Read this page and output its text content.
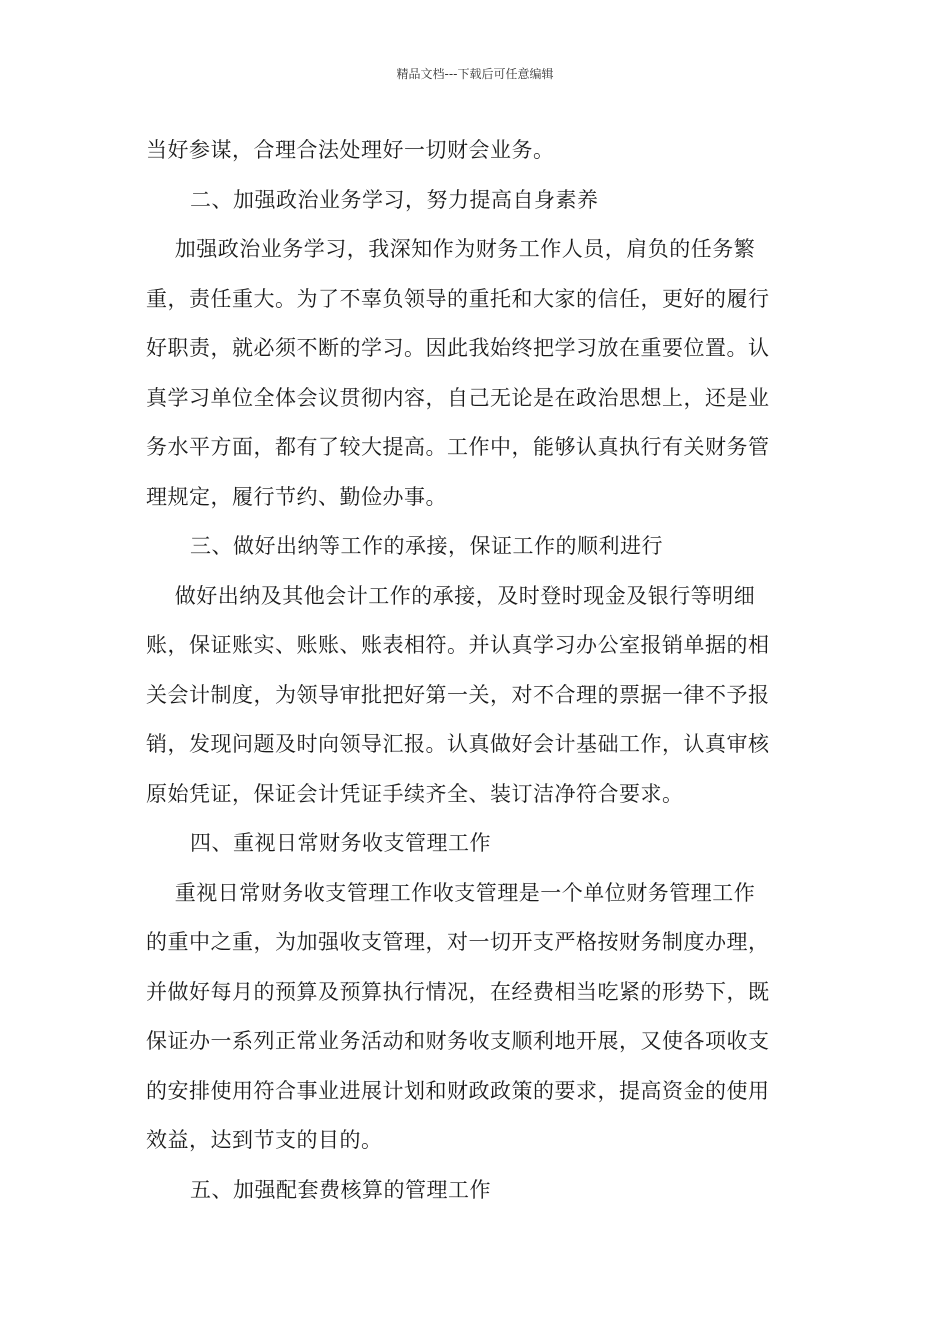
精品文档---下载后可任意编辑
当好参谋，合理合法处理好一切财会业务。
二、加强政治业务学习，努力提高自身素养
加强政治业务学习，我深知作为财务工作人员，肩负的任务繁
重，责任重大。为了不辜负领导的重托和大家的信任，更好的履行
好职责，就必须不断的学习。因此我始终把学习放在重要位置。认
真学习单位全体会议贯彻内容，自己无论是在政治思想上，还是业
务水平方面，都有了较大提高。工作中，能够认真执行有关财务管
理规定，履行节约、勤俭办事。
三、做好出纳等工作的承接，保证工作的顺利进行
做好出纳及其他会计工作的承接，及时登时现金及银行等明细
账，保证账实、账账、账表相符。并认真学习办公室报销单据的相
关会计制度，为领导审批把好第一关，对不合理的票据一律不予报
销，发现问题及时向领导汇报。认真做好会计基础工作，认真审核
原始凭证，保证会计凭证手续齐全、装订洁净符合要求。
四、重视日常财务收支管理工作
重视日常财务收支管理工作收支管理是一个单位财务管理工作
的重中之重，为加强收支管理，对一切开支严格按财务制度办理，
并做好每月的预算及预算执行情况，在经费相当吃紧的形势下，既
保证办一系列正常业务活动和财务收支顺利地开展，又使各项收支
的安排使用符合事业进展计划和财政政策的要求，提高资金的使用
效益，达到节支的目的。
五、加强配套费核算的管理工作
